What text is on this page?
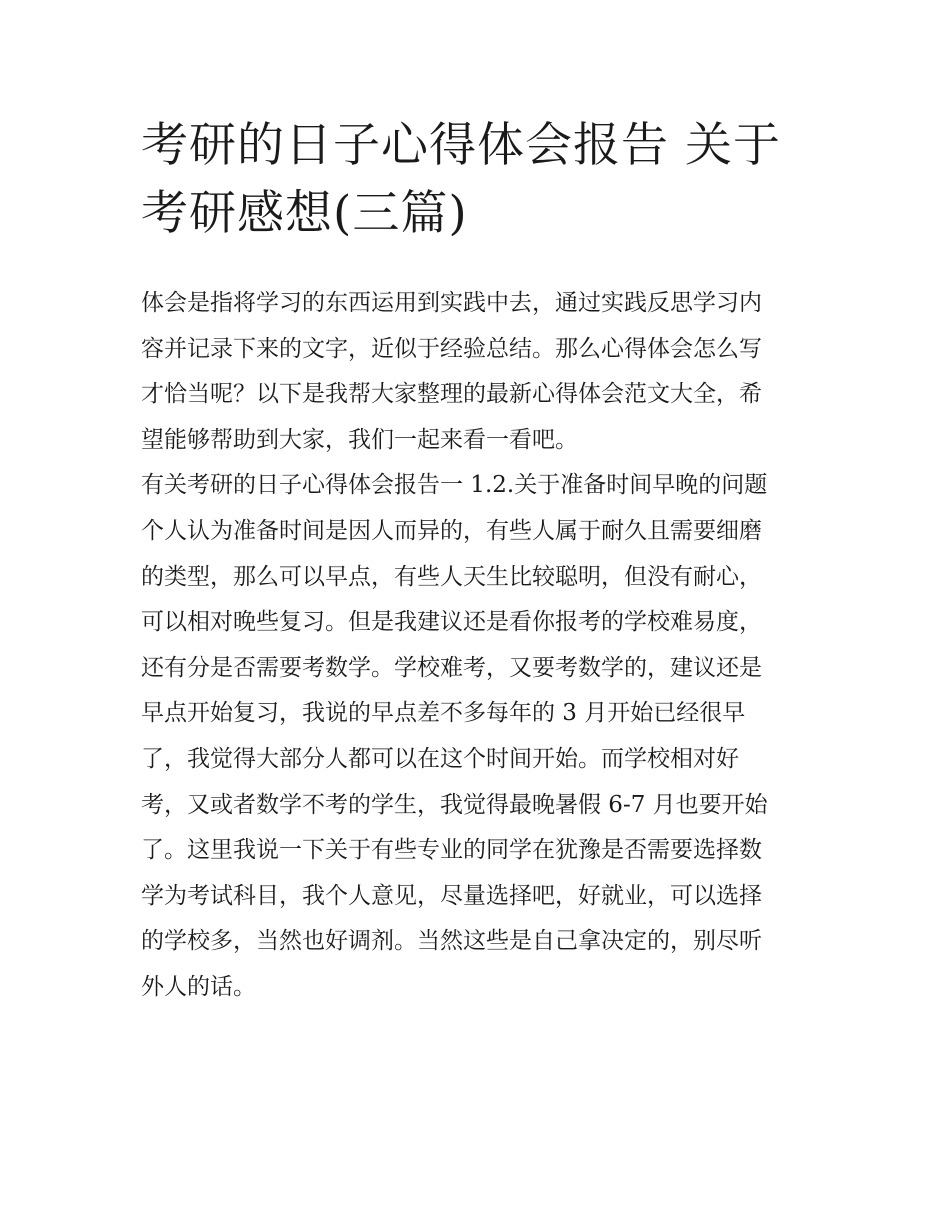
考研的日子心得体会报告 关于
考研感想(三篇)
体会是指将学习的东西运用到实践中去，通过实践反思学习内
容并记录下来的文字，近似于经验总结。那么心得体会怎么写
才恰当呢？以下是我帮大家整理的最新心得体会范文大全，希
望能够帮助到大家，我们一起来看一看吧。
有关考研的日子心得体会报告一 1.2.关于准备时间早晚的问题
个人认为准备时间是因人而异的，有些人属于耐久且需要细磨
的类型，那么可以早点，有些人天生比较聪明，但没有耐心，
可以相对晚些复习。但是我建议还是看你报考的学校难易度，
还有分是否需要考数学。学校难考，又要考数学的，建议还是
早点开始复习，我说的早点差不多每年的 3 月开始已经很早
了，我觉得大部分人都可以在这个时间开始。而学校相对好
考，又或者数学不考的学生，我觉得最晚暑假 6-7 月也要开始
了。这里我说一下关于有些专业的同学在犹豫是否需要选择数
学为考试科目，我个人意见，尽量选择吧，好就业，可以选择
的学校多，当然也好调剂。当然这些是自己拿决定的，别尽听
外人的话。
